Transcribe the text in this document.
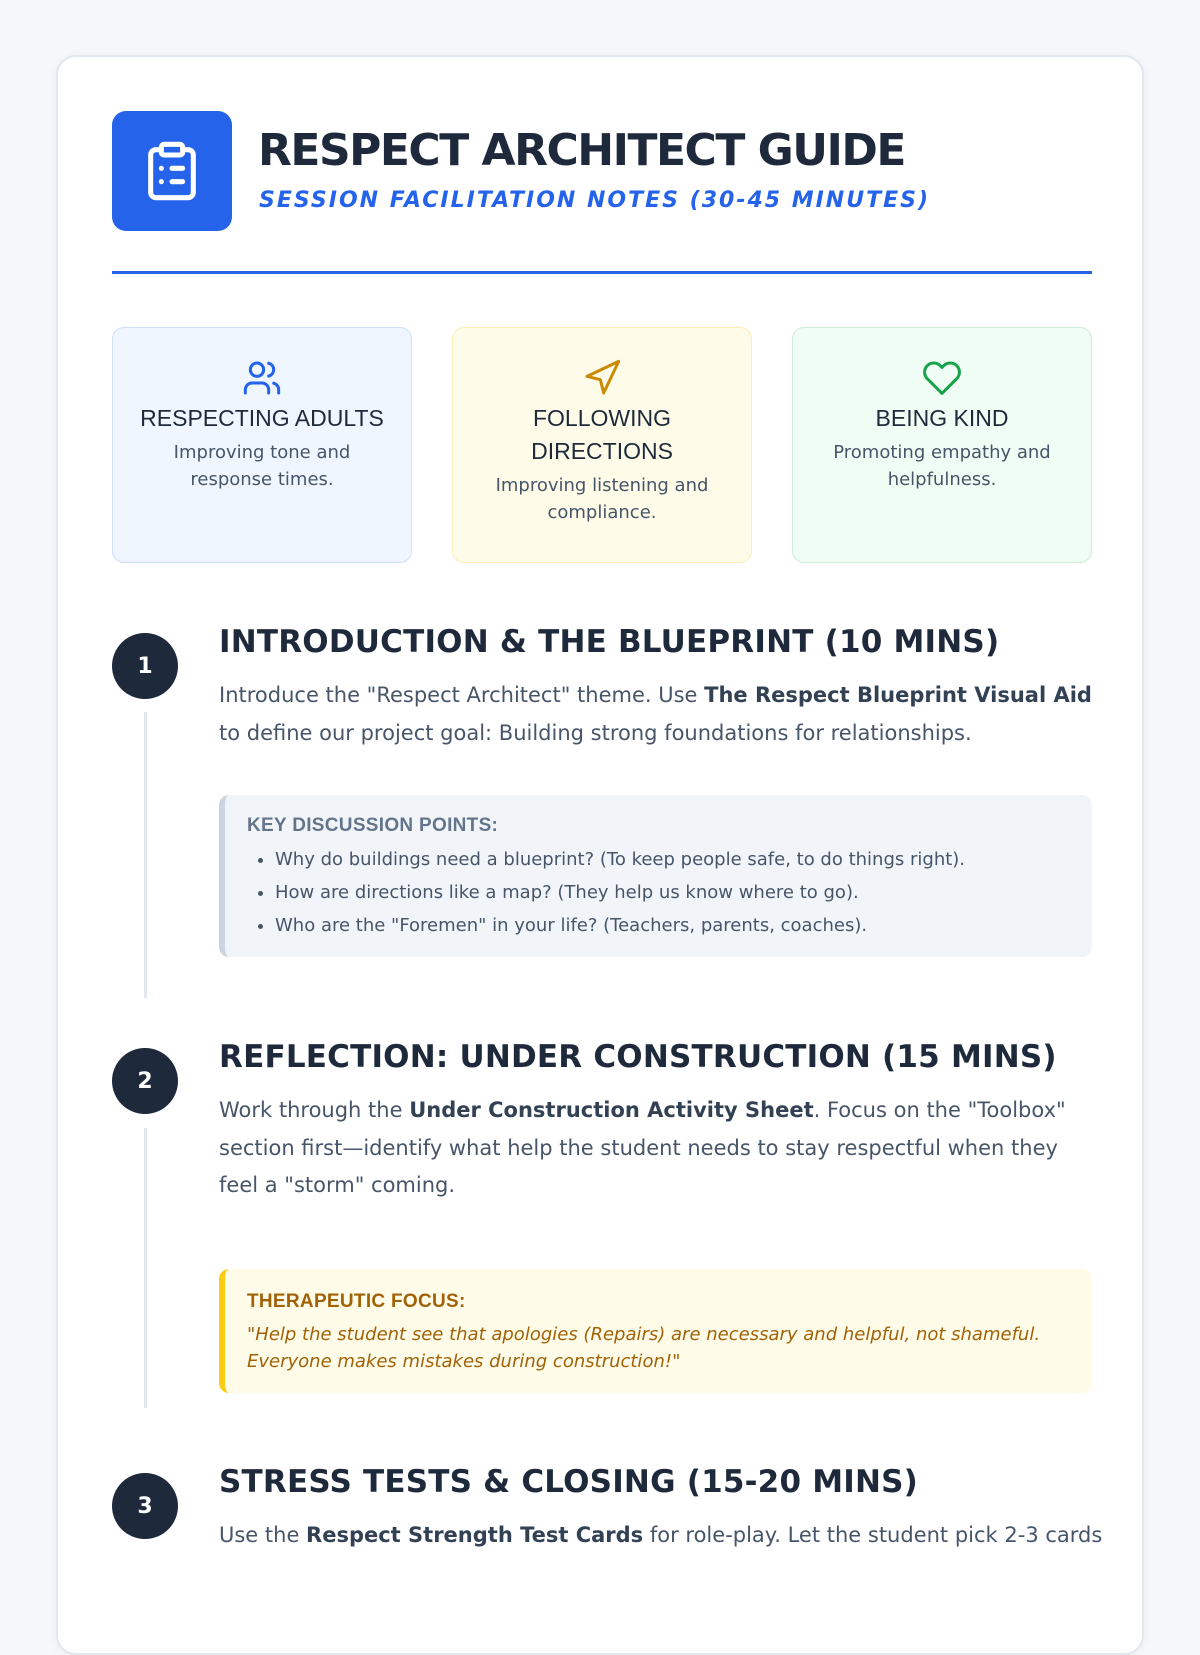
RESPECT ARCHITECT GUIDE
SESSION FACILITATION NOTES (30-45 MINUTES)
RESPECTING ADULTS
Improving tone and response times.
FOLLOWING DIRECTIONS
Improving listening and compliance.
BEING KIND
Promoting empathy and helpfulness.
1
INTRODUCTION & THE BLUEPRINT (10 MINS)
Introduce the "Respect Architect" theme. Use The Respect Blueprint Visual Aid to define our project goal: Building strong foundations for relationships.
KEY DISCUSSION POINTS:
• Why do buildings need a blueprint? (To keep people safe, to do things right).
• How are directions like a map? (They help us know where to go).
• Who are the "Foremen" in your life? (Teachers, parents, coaches).
2
REFLECTION: UNDER CONSTRUCTION (15 MINS)
Work through the Under Construction Activity Sheet. Focus on the "Toolbox" section first—identify what help the student needs to stay respectful when they feel a "storm" coming.
THERAPEUTIC FOCUS:
"Help the student see that apologies (Repairs) are necessary and helpful, not shameful. Everyone makes mistakes during construction!"
3
STRESS TESTS & CLOSING (15-20 MINS)
Use the Respect Strength Test Cards for role-play. Let the student pick 2-3 cards
